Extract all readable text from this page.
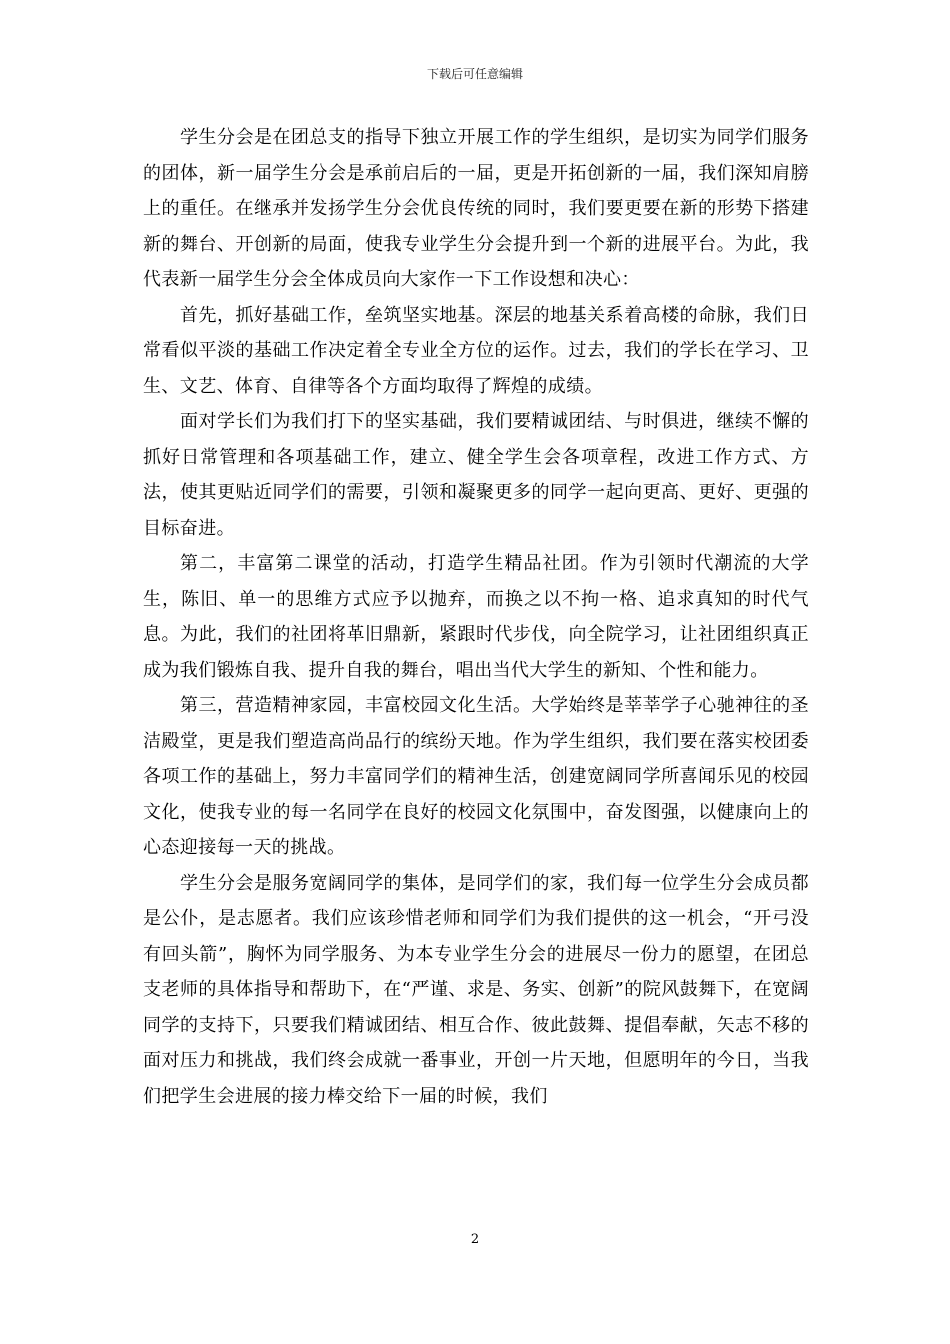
下载后可任意编辑

学生分会是在团总支的指导下独立开展工作的学生组织，是切实为同学们服务的团体，新一届学生分会是承前启后的一届，更是开拓创新的一届，我们深知肩膀上的重任。在继承并发扬学生分会优良传统的同时，我们要更要在新的形势下搭建新的舞台、开创新的局面，使我专业学生分会提升到一个新的进展平台。为此，我代表新一届学生分会全体成员向大家作一下工作设想和决心：

首先，抓好基础工作，垒筑坚实地基。深层的地基关系着高楼的命脉，我们日常看似平淡的基础工作决定着全专业全方位的运作。过去，我们的学长在学习、卫生、文艺、体育、自律等各个方面均取得了辉煌的成绩。

面对学长们为我们打下的坚实基础，我们要精诚团结、与时俱进，继续不懈的抓好日常管理和各项基础工作，建立、健全学生会各项章程，改进工作方式、方法，使其更贴近同学们的需要，引领和凝聚更多的同学一起向更高、更好、更强的目标奋进。

第二，丰富第二课堂的活动，打造学生精品社团。作为引领时代潮流的大学生，陈旧、单一的思维方式应予以抛弃，而换之以不拘一格、追求真知的时代气息。为此，我们的社团将革旧鼎新，紧跟时代步伐，向全院学习，让社团组织真正成为我们锻炼自我、提升自我的舞台，唱出当代大学生的新知、个性和能力。

第三，营造精神家园，丰富校园文化生活。大学始终是莘莘学子心驰神往的圣洁殿堂，更是我们塑造高尚品行的缤纷天地。作为学生组织，我们要在落实校团委各项工作的基础上，努力丰富同学们的精神生活，创建宽阔同学所喜闻乐见的校园文化，使我专业的每一名同学在良好的校园文化氛围中，奋发图强，以健康向上的心态迎接每一天的挑战。

学生分会是服务宽阔同学的集体，是同学们的家，我们每一位学生分会成员都是公仆，是志愿者。我们应该珍惜老师和同学们为我们提供的这一机会，“开弓没有回头箭”，胸怀为同学服务、为本专业学生分会的进展尽一份力的愿望，在团总支老师的具体指导和帮助下，在“严谨、求是、务实、创新”的院风鼓舞下，在宽阔同学的支持下，只要我们精诚团结、相互合作、彼此鼓舞、提倡奉献，矢志不移的面对压力和挑战，我们终会成就一番事业，开创一片天地，但愿明年的今日，当我们把学生会进展的接力棒交给下一届的时候，我们

2
